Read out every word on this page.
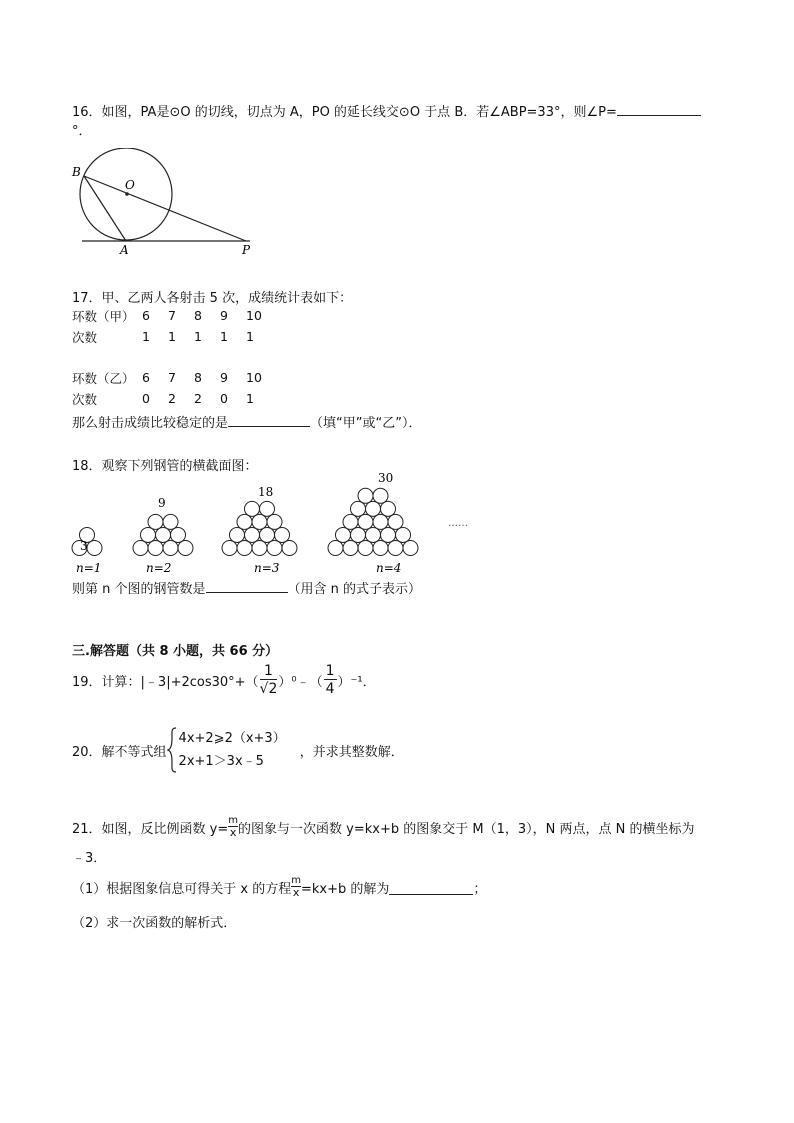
16．如图，PA是⊙O 的切线，切点为 A，PO 的延长线交⊙O 于点 B．若∠ABP=33°，则∠P=
°．
B
O
A	P
17．甲、乙两人各射击 5 次，成绩统计表如下：
环数（甲） 6	7	8	9	10
次数	1	1	1	1	1
环数（乙） 6	7	8	9	10
次数	0	2	2	0	1
那么射击成绩比较稳定的是	（填“甲”或“乙”）．
18．观察下列钢管的横截面图：
3
9
18
30
……
n=1	n=2	n=3	n=4
则第 n 个图的钢管数是	（用含 n 的式子表示）
三.解答题（共 8 小题，共 66 分）
19．计算：|﹣3|+2cos30°+（ $\frac{1}{√2}$ ）⁰﹣（ $\frac{1}{4} )^{-1}$．
20．解不等式组
4x+2⩾2（x+3）
2x+1＞3x﹣5
，并求其整数解．
21．如图，反比例函数 $y= \frac{m}{x}$ 的图象与一次函数 y=kx+b 的图象交于 M（1，3），N 两点，点 N 的横坐标为
﹣3．
（1）根据图象信息可得关于 x 的方程 $\frac{m}{x} =kx+b$ 的解为	；
（2）求一次函数的解析式．
